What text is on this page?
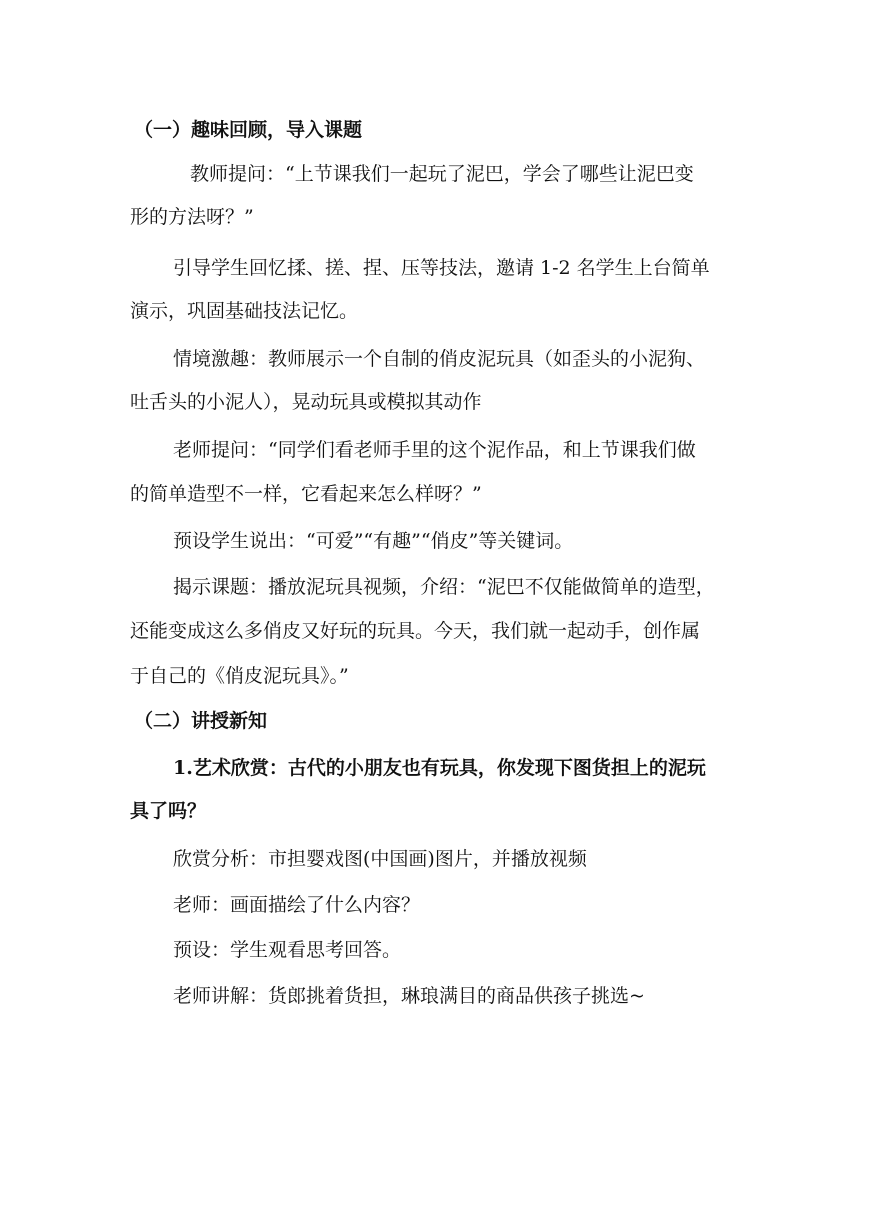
（一）趣味回顾，导入课题
教师提问：“上节课我们一起玩了泥巴，学会了哪些让泥巴变
形的方法呀？”
引导学生回忆揉、搓、捏、压等技法，邀请 1-2 名学生上台简单
演示，巩固基础技法记忆。
情境激趣：教师展示一个自制的俏皮泥玩具（如歪头的小泥狗、
吐舌头的小泥人），晃动玩具或模拟其动作
老师提问：“同学们看老师手里的这个泥作品，和上节课我们做
的简单造型不一样，它看起来怎么样呀？”
预设学生说出：“可爱”“有趣”“俏皮”等关键词。
揭示课题：播放泥玩具视频，介绍：“泥巴不仅能做简单的造型，
还能变成这么多俏皮又好玩的玩具。今天，我们就一起动手，创作属
于自己的《俏皮泥玩具》。”
（二）讲授新知
1.艺术欣赏：古代的小朋友也有玩具，你发现下图货担上的泥玩
具了吗？
欣赏分析：市担婴戏图(中国画)图片，并播放视频
老师：画面描绘了什么内容？
预设：学生观看思考回答。
老师讲解：货郎挑着货担，琳琅满目的商品供孩子挑选~
